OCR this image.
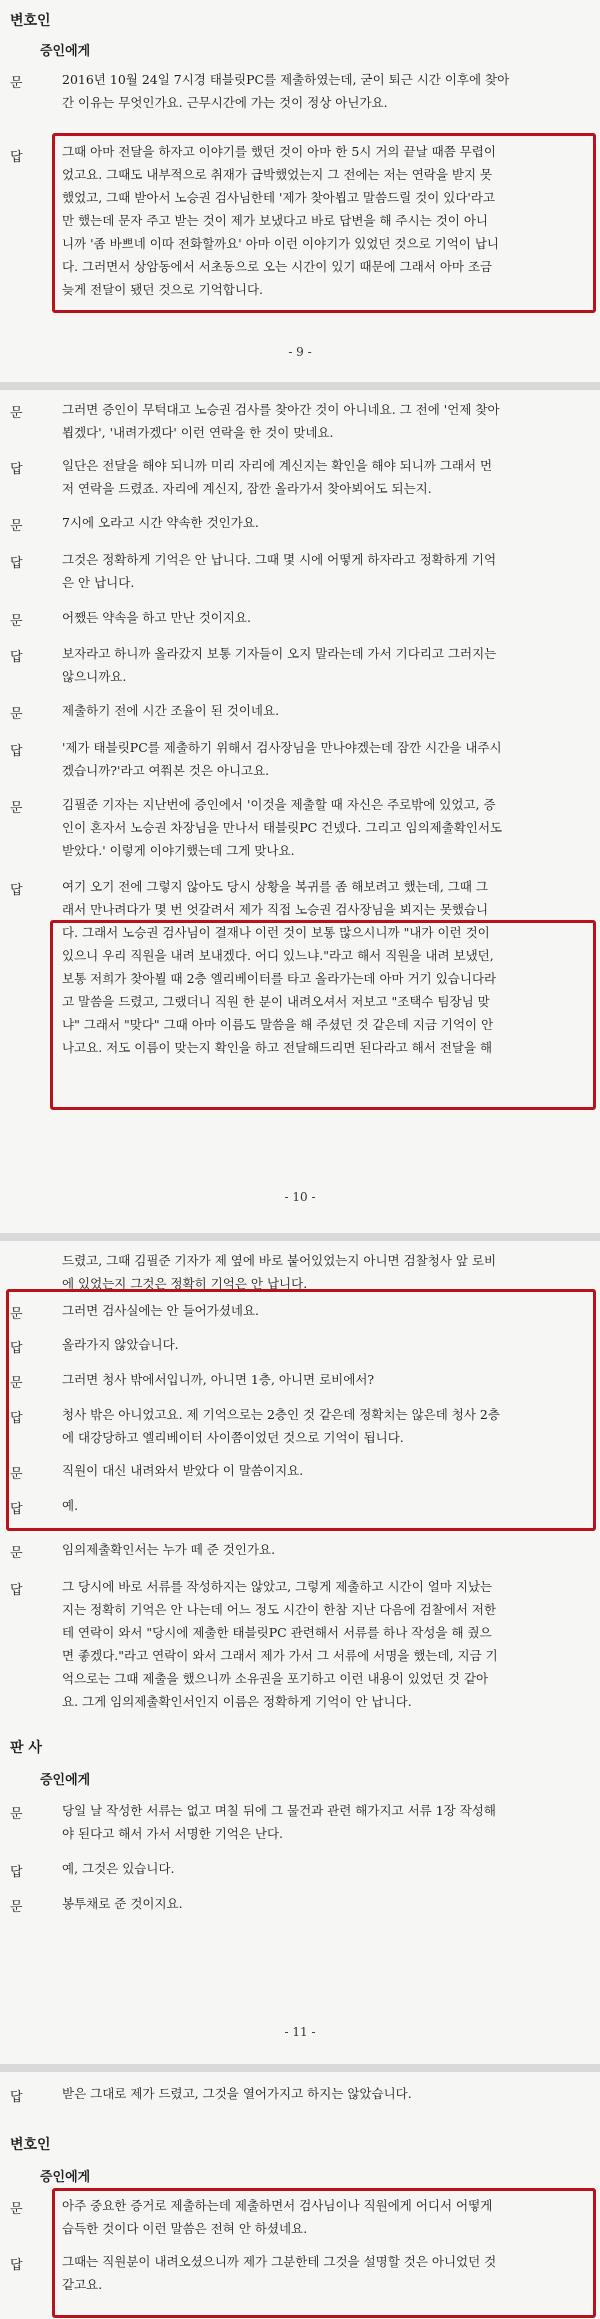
변호인
증인에게
문	2016년 10월 24일 7시경 태블릿PC를 제출하였는데, 굳이 퇴근 시간 이후에 찾아

간 이유는 무엇인가요. 근무시간에 가는 것이 정상 아닌가요.

답	그때 아마 전달을 하자고 이야기를 했던 것이 아마 한 5시 거의 끝날 때쯤 무렵이

었고요. 그때도 내부적으로 취재가 급박했었는지 그 전에는 저는 연락을 받지 못

했었고, 그때 받아서 노승권 검사님한테 '제가 찾아뵙고 말씀드릴 것이 있다'라고

만 했는데 문자 주고 받는 것이 제가 보냈다고 바로 답변을 해 주시는 것이 아니

니까 '좀 바쁘네 이따 전화할까요' 아마 이런 이야기가 있었던 것으로 기억이 납니

다. 그러면서 상암동에서 서초동으로 오는 시간이 있기 때문에 그래서 아마 조금

늦게 전달이 됐던 것으로 기억합니다.

- 9 -
문	그러면 증인이 무턱대고 노승권 검사를 찾아간 것이 아니네요. 그 전에 '언제 찾아

뵙겠다', '내려가겠다' 이런 연락을 한 것이 맞네요.

답	일단은 전달을 해야 되니까 미리 자리에 계신지는 확인을 해야 되니까 그래서 먼

저 연락을 드렸죠. 자리에 계신지, 잠깐 올라가서 찾아뵈어도 되는지.

문	7시에 오라고 시간 약속한 것인가요.

답	그것은 정확하게 기억은 안 납니다. 그때 몇 시에 어떻게 하자라고 정확하게 기억

은 안 납니다.

문	어쨌든 약속을 하고 만난 것이지요.

답	보자라고 하니까 올라갔지 보통 기자들이 오지 말라는데 가서 기다리고 그러지는

않으니까요.

문	제출하기 전에 시간 조율이 된 것이네요.

답	'제가 태블릿PC를 제출하기 위해서 검사장님을 만나야겠는데 잠깐 시간을 내주시

겠습니까?'라고 여쭤본 것은 아니고요.

문	김필준 기자는 지난번에 증인에서 '이것을 제출할 때 자신은 주로밖에 있었고, 증

인이 혼자서 노승권 차장님을 만나서 태블릿PC 건넸다. 그리고 임의제출확인서도

받았다.' 이렇게 이야기했는데 그게 맞나요.

답	여기 오기 전에 그렇지 않아도 당시 상황을 복귀를 좀 해보려고 했는데, 그때 그

래서 만나려다가 몇 번 엇갈려서 제가 직접 노승권 검사장님을 뵈지는 못했습니

다. 그래서 노승권 검사님이 결재나 이런 것이 보통 많으시니까 "내가 이런 것이

있으니 우리 직원을 내려 보내겠다. 어디 있느냐."라고 해서 직원을 내려 보냈던,

보통 저희가 찾아뵐 때 2층 엘리베이터를 타고 올라가는데 아마 거기 있습니다라

고 말씀을 드렸고, 그랬더니 직원 한 분이 내려오셔서 저보고 "조택수 팀장님 맞

냐" 그래서 "맞다" 그때 아마 이름도 말씀을 해 주셨던 것 같은데 지금 기억이 안

나고요. 저도 이름이 맞는지 확인을 하고 전달해드리면 된다라고 해서 전달을 해

- 10 -

드렸고, 그때 김필준 기자가 제 옆에 바로 붙어있었는지 아니면 검찰청사 앞 로비

에 있었는지 그것은 정확히 기억은 안 납니다.

문	그러면 검사실에는 안 들어가셨네요.

답	올라가지 않았습니다.

문	그러면 청사 밖에서입니까, 아니면 1층, 아니면 로비에서?

답	청사 밖은 아니었고요. 제 기억으로는 2층인 것 같은데 정확치는 않은데 청사 2층

에 대강당하고 엘리베이터 사이쯤이었던 것으로 기억이 됩니다.

문	직원이 대신 내려와서 받았다 이 말씀이지요.

답	예.

문	임의제출확인서는 누가 떼 준 것인가요.

답	그 당시에 바로 서류를 작성하지는 않았고, 그렇게 제출하고 시간이 얼마 지났는

지는 정확히 기억은 안 나는데 어느 정도 시간이 한참 지난 다음에 검찰에서 저한

테 연락이 와서 "당시에 제출한 태블릿PC 관련해서 서류를 하나 작성을 해 줬으

면 좋겠다."라고 연락이 와서 그래서 제가 가서 그 서류에 서명을 했는데, 지금 기

억으로는 그때 제출을 했으니까 소유권을 포기하고 이런 내용이 있었던 것 같아

요. 그게 임의제출확인서인지 이름은 정확하게 기억이 안 납니다.

판 사
증인에게
문	당일 날 작성한 서류는 없고 며칠 뒤에 그 물건과 관련 해가지고 서류 1장 작성해

야 된다고 해서 가서 서명한 기억은 난다.

답	예, 그것은 있습니다.

문	봉투채로 준 것이지요.

- 11 -
답	받은 그대로 제가 드렸고, 그것을 열어가지고 하지는 않았습니다.

변호인
증인에게
문	아주 중요한 증거로 제출하는데 제출하면서 검사님이나 직원에게 어디서 어떻게

습득한 것이다 이런 말씀은 전혀 안 하셨네요.

답	그때는 직원분이 내려오셨으니까 제가 그분한테 그것을 설명할 것은 아니었던 것

같고요.
